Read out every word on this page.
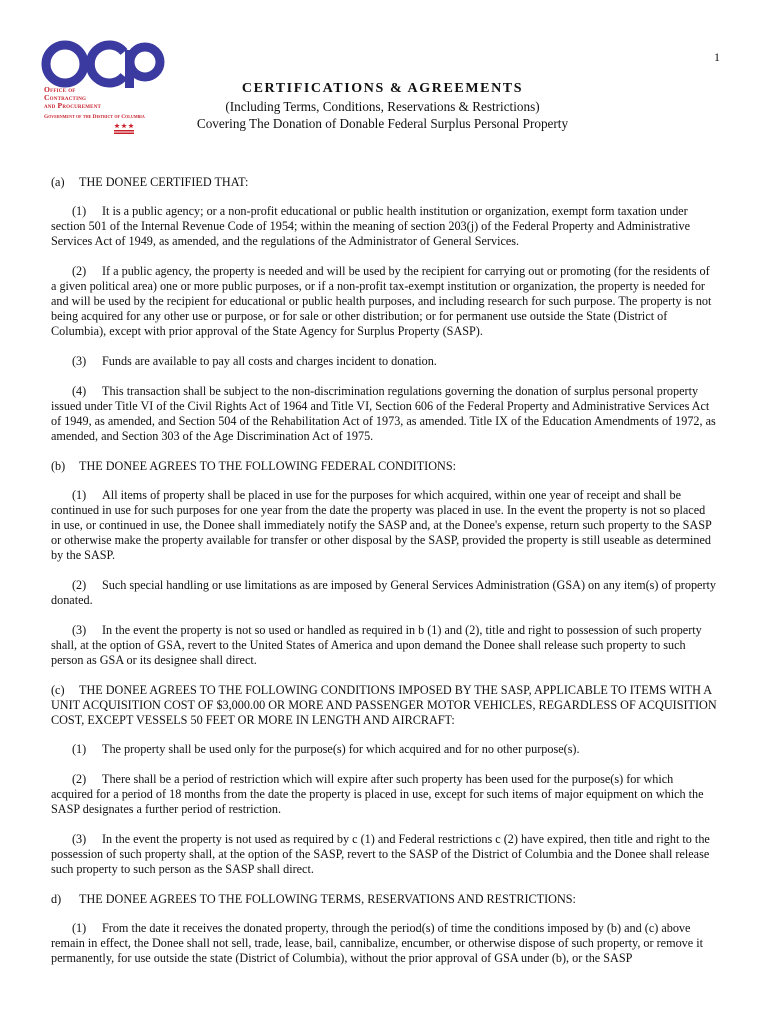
1
Office of
Contracting
and Procurement
Government of the District of Columbia
CERTIFICATIONS & AGREEMENTS
(Including Terms, Conditions, Reservations & Restrictions)
Covering The Donation of Donable Federal Surplus Personal Property
(a) THE DONEE CERTIFIED THAT:

(1) It is a public agency; or a non-profit educational or public health institution or organization, exempt form taxation under section 501 of the Internal Revenue Code of 1954; within the meaning of section 203(j) of the Federal Property and Administrative Services Act of 1949, as amended, and the regulations of the Administrator of General Services.

(2) If a public agency, the property is needed and will be used by the recipient for carrying out or promoting (for the residents of a given political area) one or more public purposes, or if a non-profit tax-exempt institution or organization, the property is needed for and will be used by the recipient for educational or public health purposes, and including research for such purpose. The property is not being acquired for any other use or purpose, or for sale or other distribution; or for permanent use outside the State (District of Columbia), except with prior approval of the State Agency for Surplus Property (SASP).

(3) Funds are available to pay all costs and charges incident to donation.

(4) This transaction shall be subject to the non-discrimination regulations governing the donation of surplus personal property issued under Title VI of the Civil Rights Act of 1964 and Title VI, Section 606 of the Federal Property and Administrative Services Act of 1949, as amended, and Section 504 of the Rehabilitation Act of 1973, as amended. Title IX of the Education Amendments of 1972, as amended, and Section 303 of the Age Discrimination Act of 1975.

(b) THE DONEE AGREES TO THE FOLLOWING FEDERAL CONDITIONS:

(1) All items of property shall be placed in use for the purposes for which acquired, within one year of receipt and shall be continued in use for such purposes for one year from the date the property was placed in use. In the event the property is not so placed in use, or continued in use, the Donee shall immediately notify the SASP and, at the Donee's expense, return such property to the SASP or otherwise make the property available for transfer or other disposal by the SASP, provided the property is still useable as determined by the SASP.

(2) Such special handling or use limitations as are imposed by General Services Administration (GSA) on any item(s) of property donated.

(3) In the event the property is not so used or handled as required in b (1) and (2), title and right to possession of such property shall, at the option of GSA, revert to the United States of America and upon demand the Donee shall release such property to such person as GSA or its designee shall direct.

(c) THE DONEE AGREES TO THE FOLLOWING CONDITIONS IMPOSED BY THE SASP, APPLICABLE TO ITEMS WITH A UNIT ACQUISITION COST OF $3,000.00 OR MORE AND PASSENGER MOTOR VEHICLES, REGARDLESS OF ACQUISITION COST, EXCEPT VESSELS 50 FEET OR MORE IN LENGTH AND AIRCRAFT:

(1) The property shall be used only for the purpose(s) for which acquired and for no other purpose(s).

(2) There shall be a period of restriction which will expire after such property has been used for the purpose(s) for which acquired for a period of 18 months from the date the property is placed in use, except for such items of major equipment on which the SASP designates a further period of restriction.

(3) In the event the property is not used as required by c (1) and Federal restrictions c (2) have expired, then title and right to the possession of such property shall, at the option of the SASP, revert to the SASP of the District of Columbia and the Donee shall release such property to such person as the SASP shall direct.

d) THE DONEE AGREES TO THE FOLLOWING TERMS, RESERVATIONS AND RESTRICTIONS:

(1) From the date it receives the donated property, through the period(s) of time the conditions imposed by (b) and (c) above remain in effect, the Donee shall not sell, trade, lease, bail, cannibalize, encumber, or otherwise dispose of such property, or remove it permanently, for use outside the state (District of Columbia), without the prior approval of GSA under (b), or the SASP
